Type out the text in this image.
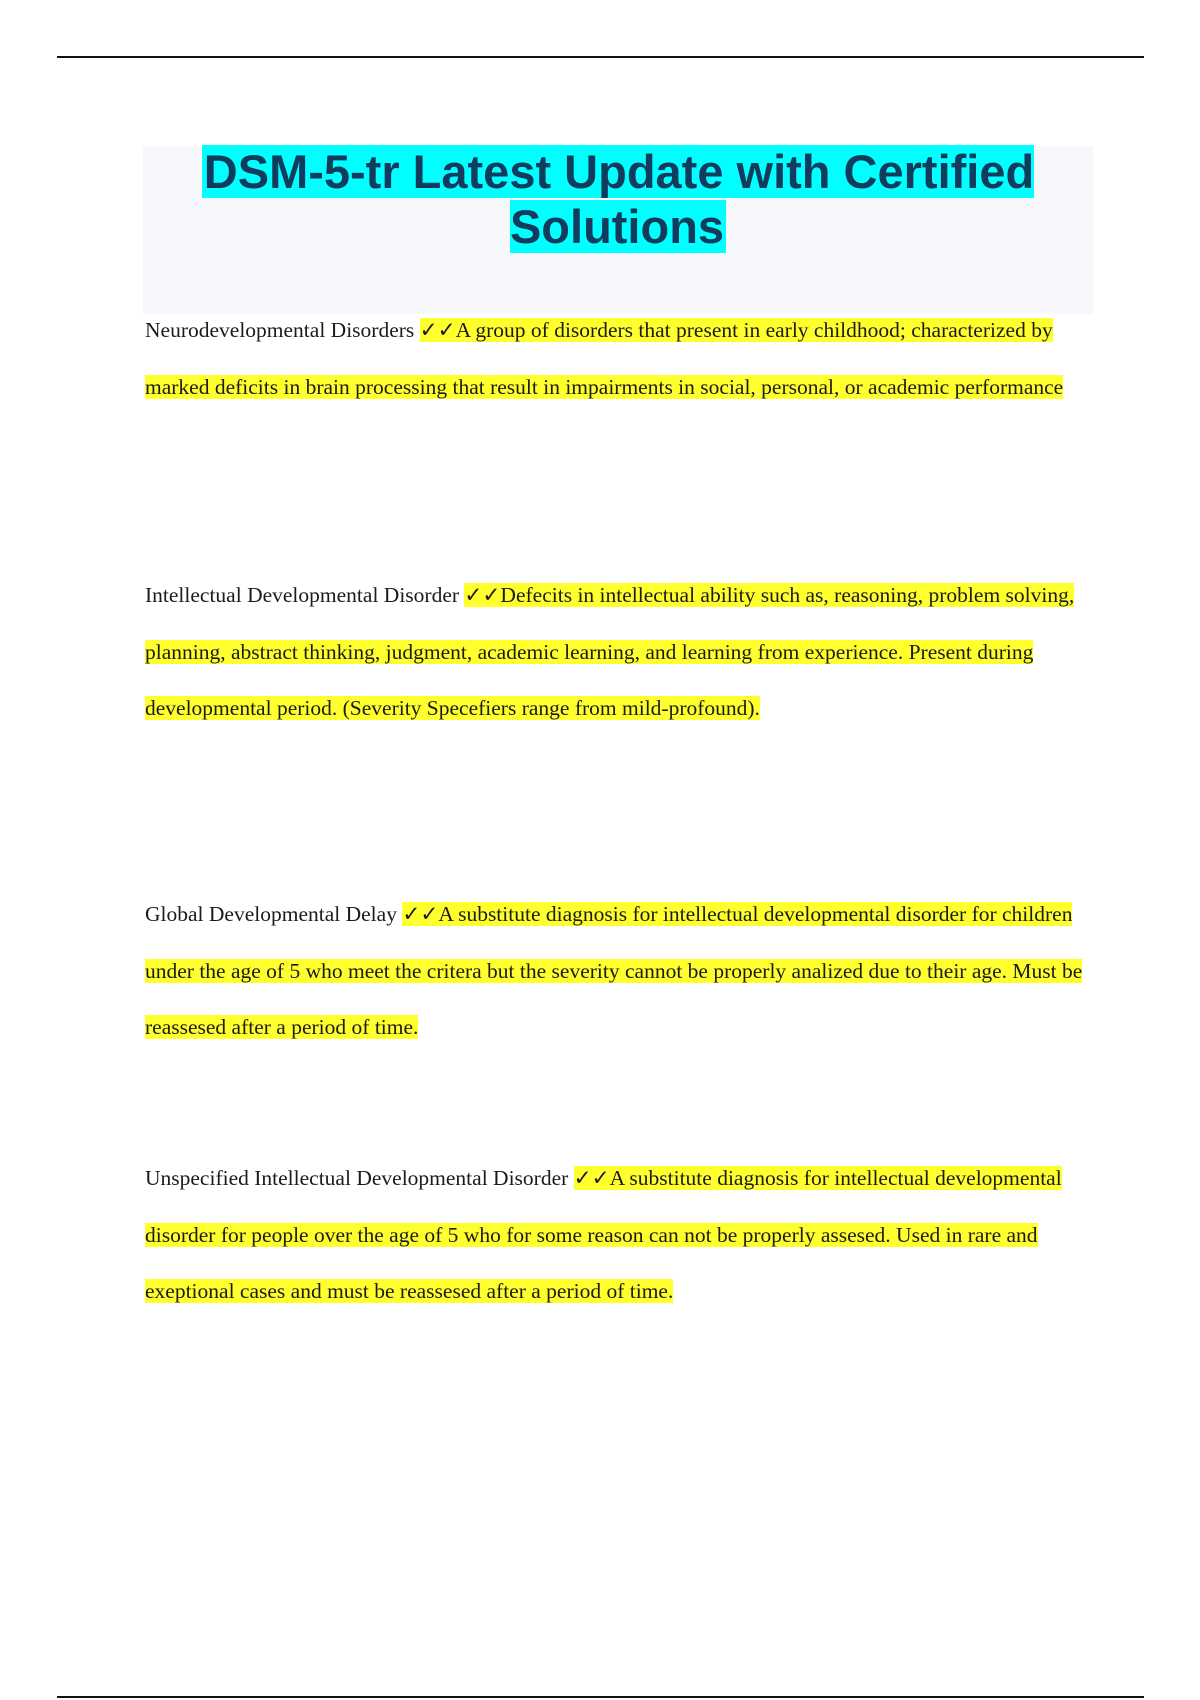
DSM-5-tr Latest Update with Certified Solutions

Neurodevelopmental Disorders ✓✓A group of disorders that present in early childhood; characterized by marked deficits in brain processing that result in impairments in social, personal, or academic performance

Intellectual Developmental Disorder ✓✓Defecits in intellectual ability such as, reasoning, problem solving, planning, abstract thinking, judgment, academic learning, and learning from experience. Present during developmental period. (Severity Specefiers range from mild-profound).

Global Developmental Delay ✓✓A substitute diagnosis for intellectual developmental disorder for children under the age of 5 who meet the critera but the severity cannot be properly analized due to their age. Must be reassesed after a period of time.

Unspecified Intellectual Developmental Disorder ✓✓A substitute diagnosis for intellectual developmental disorder for people over the age of 5 who for some reason can not be properly assesed. Used in rare and exeptional cases and must be reassesed after a period of time.
